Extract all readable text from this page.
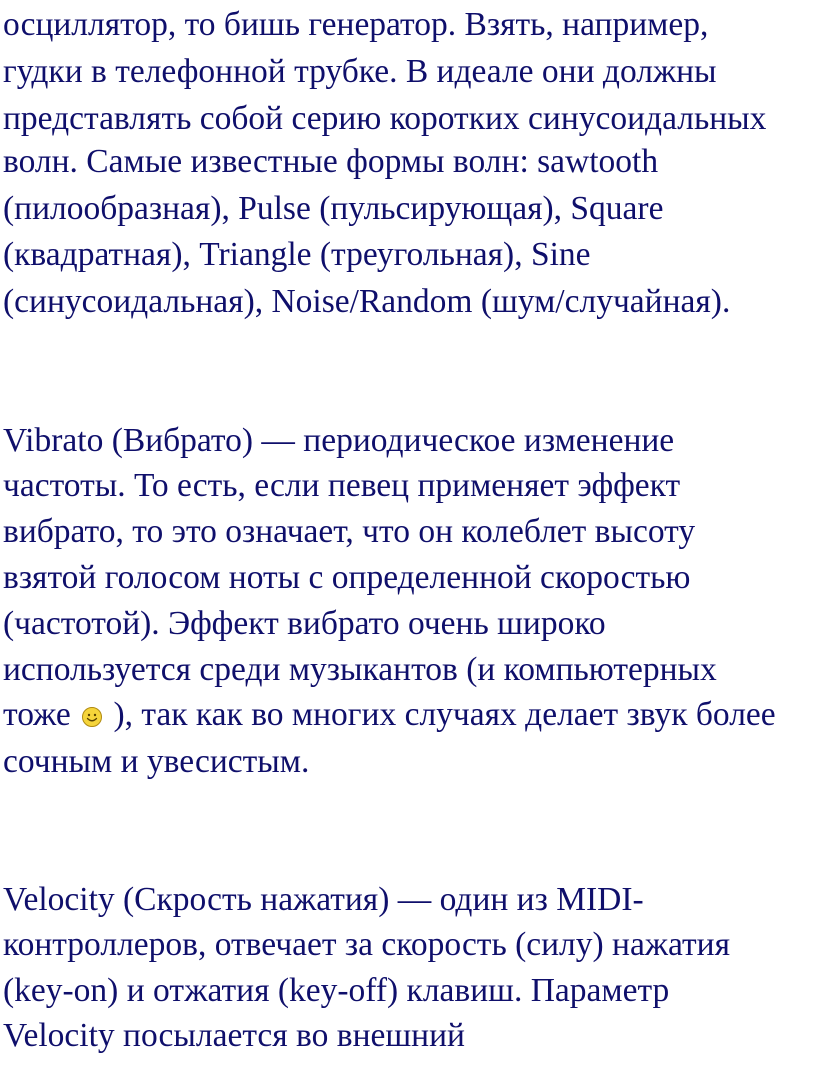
осциллятор, то бишь генератор. Взять, например,

гудки в телефонной трубке. В идеале они должны

представлять собой серию коротких синусоидальных

волн. Самые известные формы волн: sawtooth

(пилообразная), Pulse (пульсирующая), Square

(квадратная), Triangle (треугольная), Sine

(синусоидальная), Noise/Random (шум/случайная).

Vibrato (Вибрато) — периодическое изменение

частоты. То есть, если певец применяет эффект

вибрато, то это означает, что он колеблет высоту

взятой голосом ноты с определенной скоростью

(частотой). Эффект вибрато очень широко

используется среди музыкантов (и компьютерных

тоже ), так как во многих случаях делает звук более

сочным и увесистым.

Velocity (Скрость нажатия) — один из MIDI-

контроллеров, отвечает за скорость (силу) нажатия

(key-on) и отжатия (key-off) клавиш. Параметр

Velocity посылается во внешний
